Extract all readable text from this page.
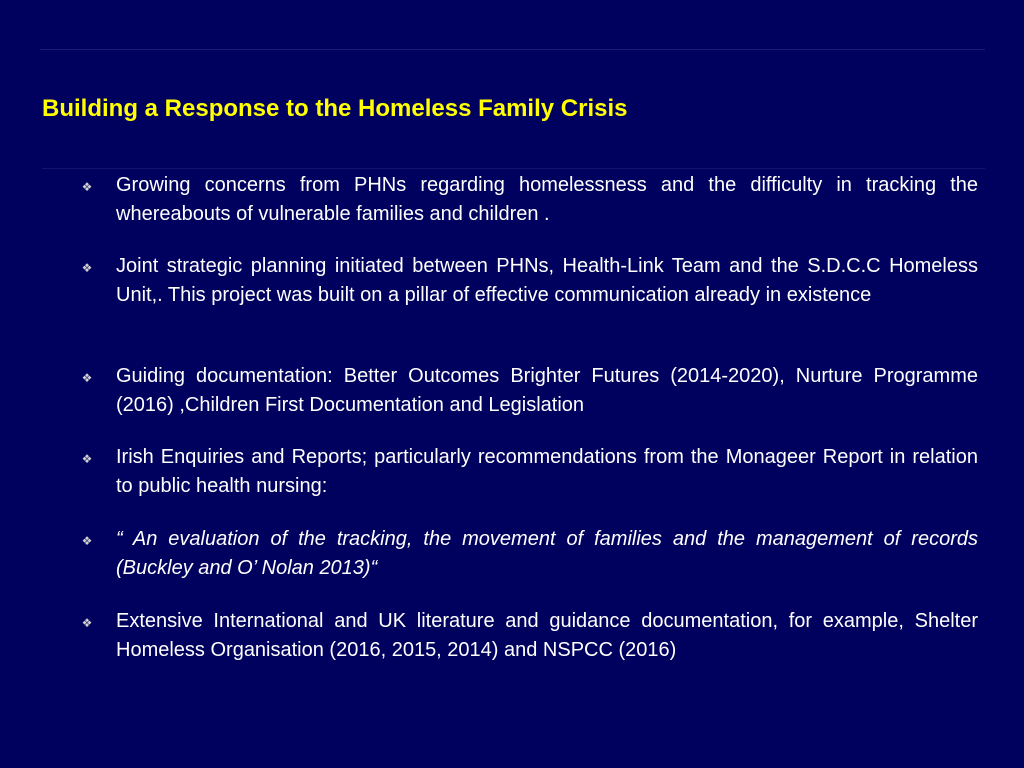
Building a Response to the Homeless Family Crisis
❖ Growing concerns from PHNs regarding homelessness and the difficulty in tracking the whereabouts of vulnerable families and children .
❖ Joint strategic planning initiated between PHNs, Health-Link Team and the S.D.C.C Homeless Unit,. This project was built on a pillar of effective communication already in existence
❖ Guiding documentation: Better Outcomes Brighter Futures (2014-2020), Nurture Programme (2016) ,Children First Documentation and Legislation
❖ Irish Enquiries and Reports; particularly recommendations from the Monageer Report in relation to public health nursing:
❖ “ An evaluation of the tracking, the movement of families and the management of records (Buckley and O’ Nolan 2013)“
❖ Extensive International and UK literature and guidance documentation, for example, Shelter Homeless Organisation (2016, 2015, 2014) and NSPCC (2016)
